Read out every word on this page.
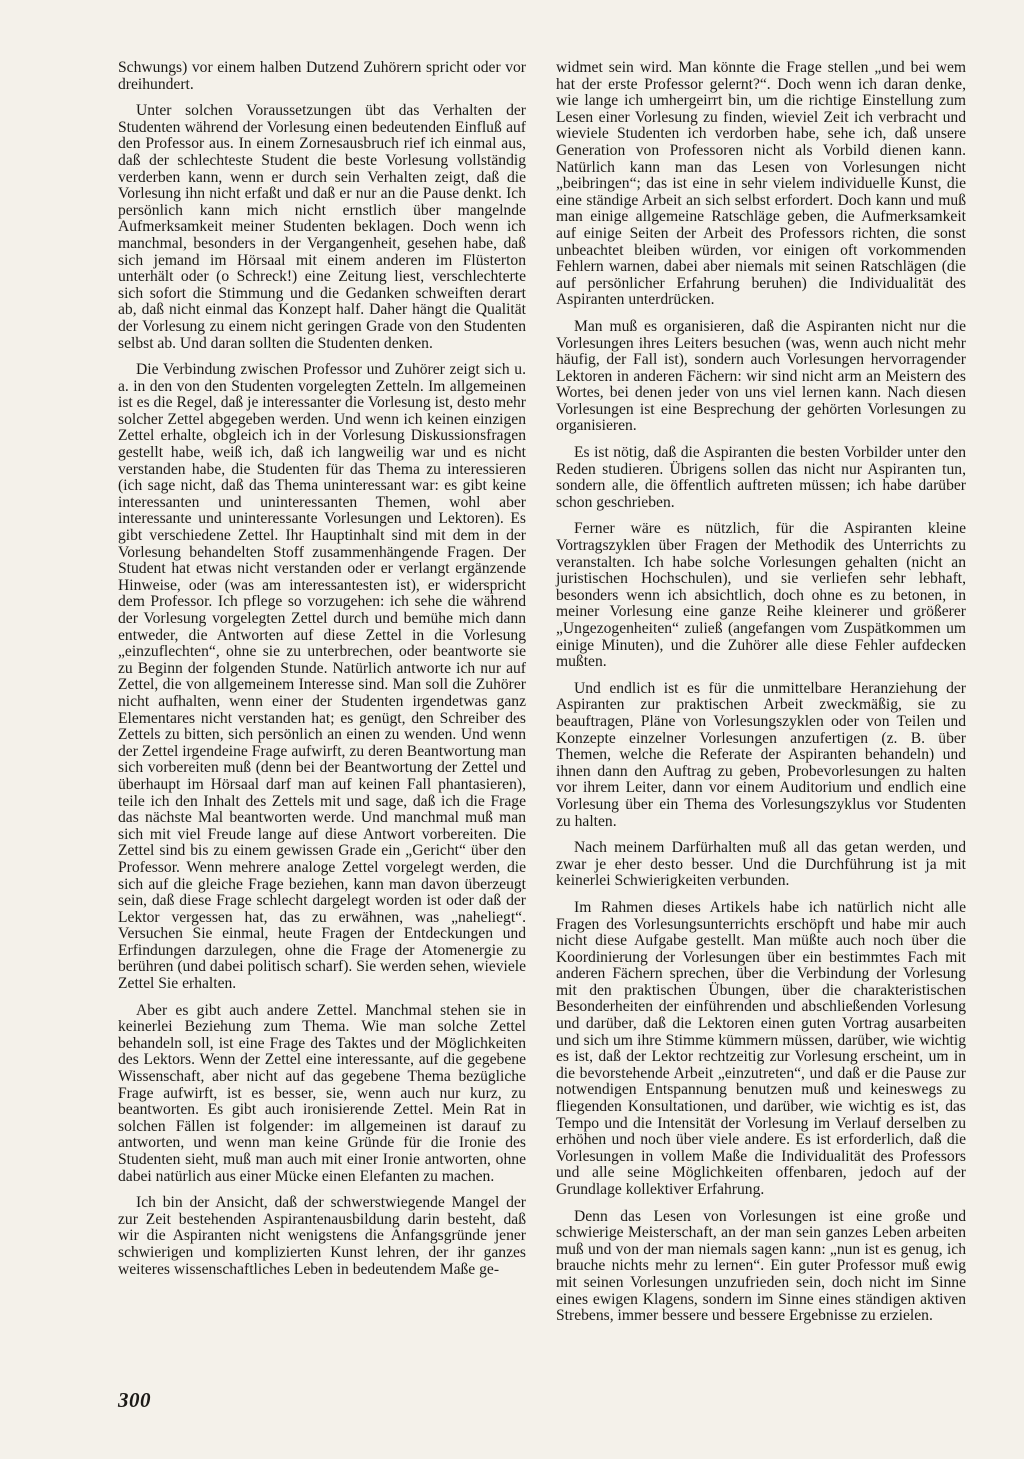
Schwungs) vor einem halben Dutzend Zuhörern spricht oder vor dreihundert.

Unter solchen Voraussetzungen übt das Verhalten der Studenten während der Vorlesung einen bedeutenden Einfluß auf den Professor aus. In einem Zornesausbruch rief ich einmal aus, daß der schlechteste Student die beste Vorlesung vollständig verderben kann, wenn er durch sein Verhalten zeigt, daß die Vorlesung ihn nicht erfaßt und daß er nur an die Pause denkt. Ich persönlich kann mich nicht ernstlich über mangelnde Aufmerksamkeit meiner Studenten beklagen. Doch wenn ich manchmal, besonders in der Vergangenheit, gesehen habe, daß sich jemand im Hörsaal mit einem anderen im Flüsterton unterhält oder (o Schreck!) eine Zeitung liest, verschlechterte sich sofort die Stimmung und die Gedanken schweiften derart ab, daß nicht einmal das Konzept half. Daher hängt die Qualität der Vorlesung zu einem nicht geringen Grade von den Studenten selbst ab. Und daran sollten die Studenten denken.

Die Verbindung zwischen Professor und Zuhörer zeigt sich u. a. in den von den Studenten vorgelegten Zetteln. Im allgemeinen ist es die Regel, daß je interessanter die Vorlesung ist, desto mehr solcher Zettel abgegeben werden. Und wenn ich keinen einzigen Zettel erhalte, obgleich ich in der Vorlesung Diskussionsfragen gestellt habe, weiß ich, daß ich langweilig war und es nicht verstanden habe, die Studenten für das Thema zu interessieren (ich sage nicht, daß das Thema uninteressant war: es gibt keine interessanten und uninteressanten Themen, wohl aber interessante und uninteressante Vorlesungen und Lektoren). Es gibt verschiedene Zettel. Ihr Hauptinhalt sind mit dem in der Vorlesung behandelten Stoff zusammenhängende Fragen. Der Student hat etwas nicht verstanden oder er verlangt ergänzende Hinweise, oder (was am interessantesten ist), er widerspricht dem Professor. Ich pflege so vorzugehen: ich sehe die während der Vorlesung vorgelegten Zettel durch und bemühe mich dann entweder, die Antworten auf diese Zettel in die Vorlesung „einzuflechten“, ohne sie zu unterbrechen, oder beantworte sie zu Beginn der folgenden Stunde. Natürlich antworte ich nur auf Zettel, die von allgemeinem Interesse sind. Man soll die Zuhörer nicht aufhalten, wenn einer der Studenten irgendetwas ganz Elementares nicht verstanden hat; es genügt, den Schreiber des Zettels zu bitten, sich persönlich an einen zu wenden. Und wenn der Zettel irgendeine Frage aufwirft, zu deren Beantwortung man sich vorbereiten muß (denn bei der Beantwortung der Zettel und überhaupt im Hörsaal darf man auf keinen Fall phantasieren), teile ich den Inhalt des Zettels mit und sage, daß ich die Frage das nächste Mal beantworten werde. Und manchmal muß man sich mit viel Freude lange auf diese Antwort vorbereiten. Die Zettel sind bis zu einem gewissen Grade ein „Gericht“ über den Professor. Wenn mehrere analoge Zettel vorgelegt werden, die sich auf die gleiche Frage beziehen, kann man davon überzeugt sein, daß diese Frage schlecht dargelegt worden ist oder daß der Lektor vergessen hat, das zu erwähnen, was „naheliegt“. Versuchen Sie einmal, heute Fragen der Entdeckungen und Erfindungen darzulegen, ohne die Frage der Atomenergie zu berühren (und dabei politisch scharf). Sie werden sehen, wieviele Zettel Sie erhalten.

Aber es gibt auch andere Zettel. Manchmal stehen sie in keinerlei Beziehung zum Thema. Wie man solche Zettel behandeln soll, ist eine Frage des Taktes und der Möglichkeiten des Lektors. Wenn der Zettel eine interessante, auf die gegebene Wissenschaft, aber nicht auf das gegebene Thema bezügliche Frage aufwirft, ist es besser, sie, wenn auch nur kurz, zu beantworten. Es gibt auch ironisierende Zettel. Mein Rat in solchen Fällen ist folgender: im allgemeinen ist darauf zu antworten, und wenn man keine Gründe für die Ironie des Studenten sieht, muß man auch mit einer Ironie antworten, ohne dabei natürlich aus einer Mücke einen Elefanten zu machen.

Ich bin der Ansicht, daß der schwerstwiegende Mangel der zur Zeit bestehenden Aspirantenausbildung darin besteht, daß wir die Aspiranten nicht wenigstens die Anfangsgründe jener schwierigen und komplizierten Kunst lehren, der ihr ganzes weiteres wissenschaftliches Leben in bedeutendem Maße ge-

widmet sein wird. Man könnte die Frage stellen „und bei wem hat der erste Professor gelernt?“. Doch wenn ich daran denke, wie lange ich umhergeirrt bin, um die richtige Einstellung zum Lesen einer Vorlesung zu finden, wieviel Zeit ich verbracht und wieviele Studenten ich verdorben habe, sehe ich, daß unsere Generation von Professoren nicht als Vorbild dienen kann. Natürlich kann man das Lesen von Vorlesungen nicht „beibringen“; das ist eine in sehr vielem individuelle Kunst, die eine ständige Arbeit an sich selbst erfordert. Doch kann und muß man einige allgemeine Ratschläge geben, die Aufmerksamkeit auf einige Seiten der Arbeit des Professors richten, die sonst unbeachtet bleiben würden, vor einigen oft vorkommenden Fehlern warnen, dabei aber niemals mit seinen Ratschlägen (die auf persönlicher Erfahrung beruhen) die Individualität des Aspiranten unterdrücken.

Man muß es organisieren, daß die Aspiranten nicht nur die Vorlesungen ihres Leiters besuchen (was, wenn auch nicht mehr häufig, der Fall ist), sondern auch Vorlesungen hervorragender Lektoren in anderen Fächern: wir sind nicht arm an Meistern des Wortes, bei denen jeder von uns viel lernen kann. Nach diesen Vorlesungen ist eine Besprechung der gehörten Vorlesungen zu organisieren.

Es ist nötig, daß die Aspiranten die besten Vorbilder unter den Reden studieren. Übrigens sollen das nicht nur Aspiranten tun, sondern alle, die öffentlich auftreten müssen; ich habe darüber schon geschrieben.

Ferner wäre es nützlich, für die Aspiranten kleine Vortragszyklen über Fragen der Methodik des Unterrichts zu veranstalten. Ich habe solche Vorlesungen gehalten (nicht an juristischen Hochschulen), und sie verliefen sehr lebhaft, besonders wenn ich absichtlich, doch ohne es zu betonen, in meiner Vorlesung eine ganze Reihe kleinerer und größerer „Ungezogenheiten“ zuließ (angefangen vom Zuspätkommen um einige Minuten), und die Zuhörer alle diese Fehler aufdecken mußten.

Und endlich ist es für die unmittelbare Heranziehung der Aspiranten zur praktischen Arbeit zweckmäßig, sie zu beauftragen, Pläne von Vorlesungszyklen oder von Teilen und Konzepte einzelner Vorlesungen anzufertigen (z. B. über Themen, welche die Referate der Aspiranten behandeln) und ihnen dann den Auftrag zu geben, Probevorlesungen zu halten vor ihrem Leiter, dann vor einem Auditorium und endlich eine Vorlesung über ein Thema des Vorlesungszyklus vor Studenten zu halten.

Nach meinem Darfürhalten muß all das getan werden, und zwar je eher desto besser. Und die Durchführung ist ja mit keinerlei Schwierigkeiten verbunden.

Im Rahmen dieses Artikels habe ich natürlich nicht alle Fragen des Vorlesungsunterrichts erschöpft und habe mir auch nicht diese Aufgabe gestellt. Man müßte auch noch über die Koordinierung der Vorlesungen über ein bestimmtes Fach mit anderen Fächern sprechen, über die Verbindung der Vorlesung mit den praktischen Übungen, über die charakteristischen Besonderheiten der einführenden und abschließenden Vorlesung und darüber, daß die Lektoren einen guten Vortrag ausarbeiten und sich um ihre Stimme kümmern müssen, darüber, wie wichtig es ist, daß der Lektor rechtzeitig zur Vorlesung erscheint, um in die bevorstehende Arbeit „einzutreten“, und daß er die Pause zur notwendigen Entspannung benutzen muß und keineswegs zu fliegenden Konsultationen, und darüber, wie wichtig es ist, das Tempo und die Intensität der Vorlesung im Verlauf derselben zu erhöhen und noch über viele andere. Es ist erforderlich, daß die Vorlesungen in vollem Maße die Individualität des Professors und alle seine Möglichkeiten offenbaren, jedoch auf der Grundlage kollektiver Erfahrung.

Denn das Lesen von Vorlesungen ist eine große und schwierige Meisterschaft, an der man sein ganzes Leben arbeiten muß und von der man niemals sagen kann: „nun ist es genug, ich brauche nichts mehr zu lernen“. Ein guter Professor muß ewig mit seinen Vorlesungen unzufrieden sein, doch nicht im Sinne eines ewigen Klagens, sondern im Sinne eines ständigen aktiven Strebens, immer bessere und bessere Ergebnisse zu erzielen.

300
